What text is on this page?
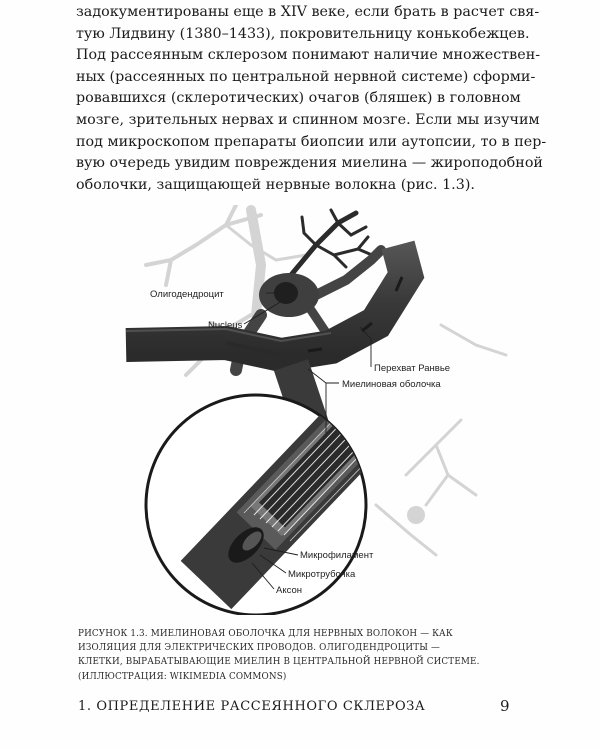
задокументированы еще в XIV веке, если брать в расчет свя-
тую Лидвину (1380–1433), покровительницу конькобежцев.
Под рассеянным склерозом понимают наличие множествен-
ных (рассеянных по центральной нервной системе) сформи-
ровавшихся (склеротических) очагов (бляшек) в головном
мозге, зрительных нервах и спинном мозге. Если мы изучим
под микроскопом препараты биопсии или аутопсии, то в пер-
вую очередь увидим повреждения миелина — жироподобной
оболочки, защищающей нервные волокна (рис. 1.3).

Олигодендроцит
Nucleus
Перехват Ранвье
Миелиновая оболочка
Микрофиламент
Микротрубочка
Аксон

РИСУНОК 1.3. МИЕЛИНОВАЯ ОБОЛОЧКА ДЛЯ НЕРВНЫХ ВОЛОКОН — КАК
ИЗОЛЯЦИЯ ДЛЯ ЭЛЕКТРИЧЕСКИХ ПРОВОДОВ. ОЛИГОДЕНДРОЦИТЫ —
КЛЕТКИ, ВЫРАБАТЫВАЮЩИЕ МИЕЛИН В ЦЕНТРАЛЬНОЙ НЕРВНОЙ СИСТЕМЕ.
(ИЛЛЮСТРАЦИЯ: WIKIMEDIA COMMONS)

1. ОПРЕДЕЛЕНИЕ РАССЕЯННОГО СКЛЕРОЗА	9
